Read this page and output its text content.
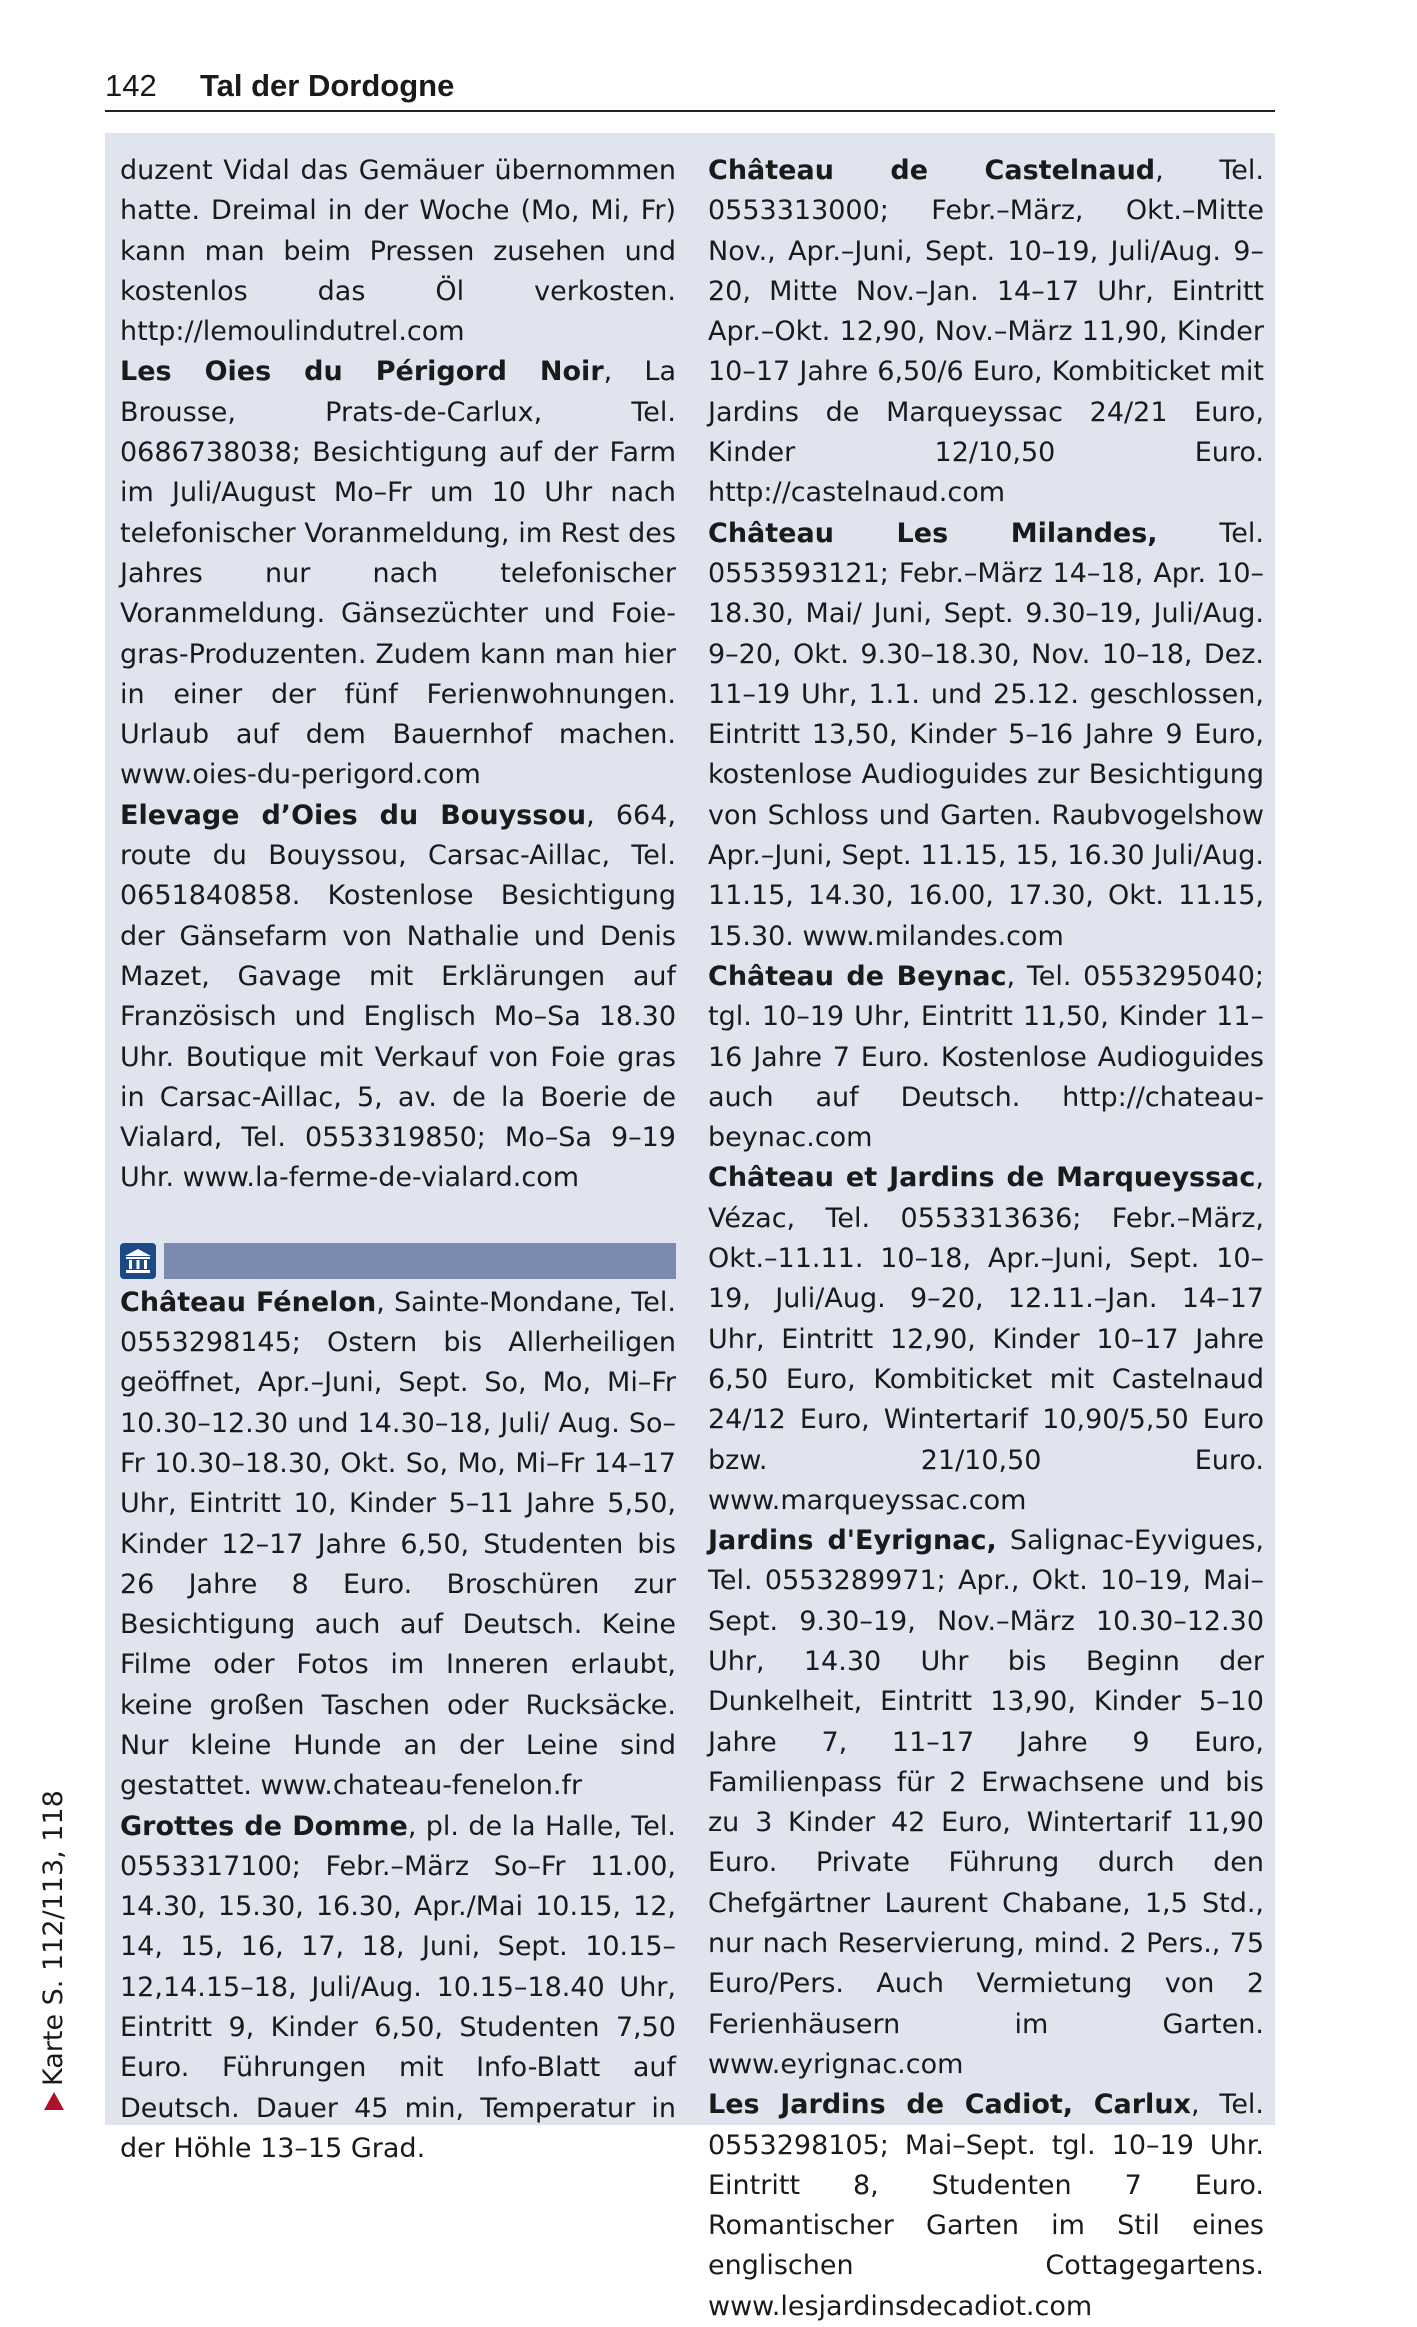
142 Tal der Dordogne

duzent Vidal das Gemäuer übernommen hatte. Dreimal in der Woche (Mo, Mi, Fr) kann man beim Pressen zusehen und kostenlos das Öl verkosten. http://lemoulindutrel.com

Les Oies du Périgord Noir, La Brousse, Prats-de-Carlux, Tel. 0686738038; Besichtigung auf der Farm im Juli/August Mo–Fr um 10 Uhr nach telefonischer Voranmeldung, im Rest des Jahres nur nach telefonischer Voranmeldung. Gänsezüchter und Foie-gras-Produzenten. Zudem kann man hier in einer der fünf Ferienwohnungen. Urlaub auf dem Bauernhof machen. www.oies-du-perigord.com

Elevage d’Oies du Bouyssou, 664, route du Bouyssou, Carsac-Aillac, Tel. 0651840858. Kostenlose Besichtigung der Gänsefarm von Nathalie und Denis Mazet, Gavage mit Erklärungen auf Französisch und Englisch Mo–Sa 18.30 Uhr. Boutique mit Verkauf von Foie gras in Carsac-Aillac, 5, av. de la Boerie de Vialard, Tel. 0553319850; Mo–Sa 9–19 Uhr. www.la-ferme-de-vialard.com

Château Fénelon, Sainte-Mondane, Tel. 0553298145; Ostern bis Allerheiligen geöffnet, Apr.–Juni, Sept. So, Mo, Mi–Fr 10.30–12.30 und 14.30–18, Juli/ Aug. So–Fr 10.30–18.30, Okt. So, Mo, Mi–Fr 14–17 Uhr, Eintritt 10, Kinder 5–11 Jahre 5,50, Kinder 12–17 Jahre 6,50, Studenten bis 26 Jahre 8 Euro. Broschüren zur Besichtigung auch auf Deutsch. Keine Filme oder Fotos im Inneren erlaubt, keine großen Taschen oder Rucksäcke. Nur kleine Hunde an der Leine sind gestattet. www.chateau-fenelon.fr

Grottes de Domme, pl. de la Halle, Tel. 0553317100; Febr.–März So–Fr 11.00, 14.30, 15.30, 16.30, Apr./Mai 10.15, 12, 14, 15, 16, 17, 18, Juni, Sept. 10.15–12,14.15–18, Juli/Aug. 10.15–18.40 Uhr, Eintritt 9, Kinder 6,50, Studenten 7,50 Euro. Führungen mit Info-Blatt auf Deutsch. Dauer 45 min, Temperatur in der Höhle 13–15 Grad.

Château de Castelnaud, Tel. 0553313000; Febr.–März, Okt.–Mitte Nov., Apr.–Juni, Sept. 10–19, Juli/Aug. 9–20, Mitte Nov.–Jan. 14–17 Uhr, Eintritt Apr.–Okt. 12,90, Nov.–März 11,90, Kinder 10–17 Jahre 6,50/6 Euro, Kombiticket mit Jardins de Marqueyssac 24/21 Euro, Kinder 12/10,50 Euro. http://castelnaud.com

Château Les Milandes, Tel. 0553593121; Febr.–März 14–18, Apr. 10–18.30, Mai/ Juni, Sept. 9.30–19, Juli/Aug. 9–20, Okt. 9.30–18.30, Nov. 10–18, Dez. 11–19 Uhr, 1.1. und 25.12. geschlossen, Eintritt 13,50, Kinder 5–16 Jahre 9 Euro, kostenlose Audioguides zur Besichtigung von Schloss und Garten. Raubvogelshow Apr.–Juni, Sept. 11.15, 15, 16.30 Juli/Aug. 11.15, 14.30, 16.00, 17.30, Okt. 11.15, 15.30. www.milandes.com

Château de Beynac, Tel. 0553295040; tgl. 10–19 Uhr, Eintritt 11,50, Kinder 11–16 Jahre 7 Euro. Kostenlose Audioguides auch auf Deutsch. http://chateau-beynac.com

Château et Jardins de Marqueyssac, Vézac, Tel. 0553313636; Febr.–März, Okt.–11.11. 10–18, Apr.–Juni, Sept. 10–19, Juli/Aug. 9–20, 12.11.–Jan. 14–17 Uhr, Eintritt 12,90, Kinder 10–17 Jahre 6,50 Euro, Kombiticket mit Castelnaud 24/12 Euro, Wintertarif 10,90/5,50 Euro bzw. 21/10,50 Euro. www.marqueyssac.com

Jardins d'Eyrignac, Salignac-Eyvigues, Tel. 0553289971; Apr., Okt. 10–19, Mai–Sept. 9.30–19, Nov.–März 10.30–12.30 Uhr, 14.30 Uhr bis Beginn der Dunkelheit, Eintritt 13,90, Kinder 5–10 Jahre 7, 11–17 Jahre 9 Euro, Familienpass für 2 Erwachsene und bis zu 3 Kinder 42 Euro, Wintertarif 11,90 Euro. Private Führung durch den Chefgärtner Laurent Chabane, 1,5 Std., nur nach Reservierung, mind. 2 Pers., 75 Euro/Pers. Auch Vermietung von 2 Ferienhäusern im Garten. www.eyrignac.com

Les Jardins de Cadiot, Carlux, Tel. 0553298105; Mai–Sept. tgl. 10–19 Uhr. Eintritt 8, Studenten 7 Euro. Romantischer Garten im Stil eines englischen Cottagegartens. www.lesjardinsdecadiot.com

Karte S. 112/113, 118
